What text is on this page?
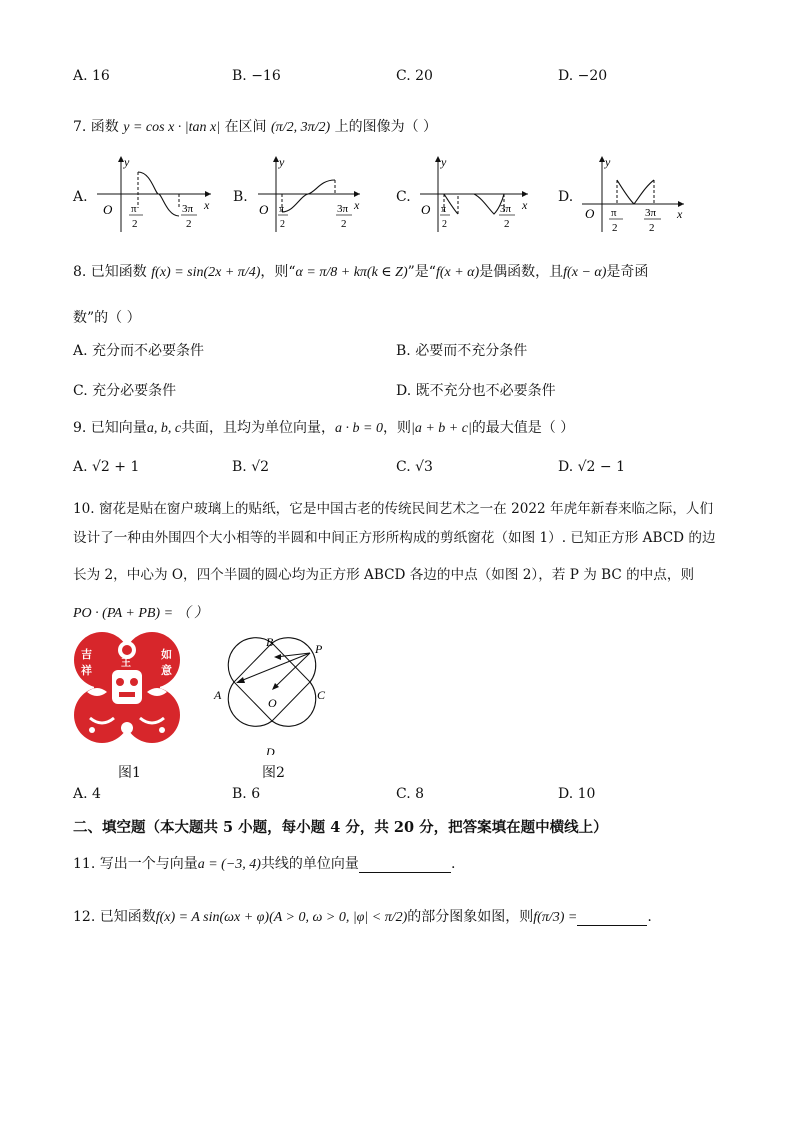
A. 16	B. −16	C. 20	D. −20
7. 函数 y = cos x · |tan x| 在区间 (π/2, 3π/2) 上的图像为（ ）
A.	B.	C.	D.
y
x
O π
2
3π
2
y
x
O π
2
3π
2
y
x
O π
2
3π
2
y
x
O π
2
3π
2
8. 已知函数 f(x) = sin(2x + π/4)，则“α = π/8 + kπ(k ∈ Z)”是“f(x + α)是偶函数，且f(x − α)是奇函
数”的（ ）
A. 充分而不必要条件	B. 必要而不充分条件
C. 充分必要条件	D. 既不充分也不必要条件
9. 已知向量a, b, c共面，且均为单位向量，a · b = 0，则|a + b + c|的最大值是（ ）
A. √2 + 1	B. √2	C. √3	D. √2 − 1
10. 窗花是贴在窗户玻璃上的贴纸，它是中国古老的传统民间艺术之一在 2022 年虎年新春来临之际，人们
设计了一种由外围四个大小相等的半圆和中间正方形所构成的剪纸窗花（如图 1）. 已知正方形 ABCD 的边
长为 2，中心为 O，四个半圆的圆心均为正方形 ABCD 各边的中点（如图 2），若 P 为 BC 的中点，则
PO · (PA + PB) = （ ）
吉
祥
如
意
王
图1
B	P
A
O
C
D
图2
A. 4	B. 6	C. 8	D. 10
二、填空题（本大题共 5 小题，每小题 4 分，共 20 分，把答案填在题中横线上）
11. 写出一个与向量a = (−3, 4)共线的单位向量	.
12. 已知函数f(x) = A sin(ωx + φ)(A > 0, ω > 0, |φ| < π/2)的部分图象如图，则f(π/3) =	.
